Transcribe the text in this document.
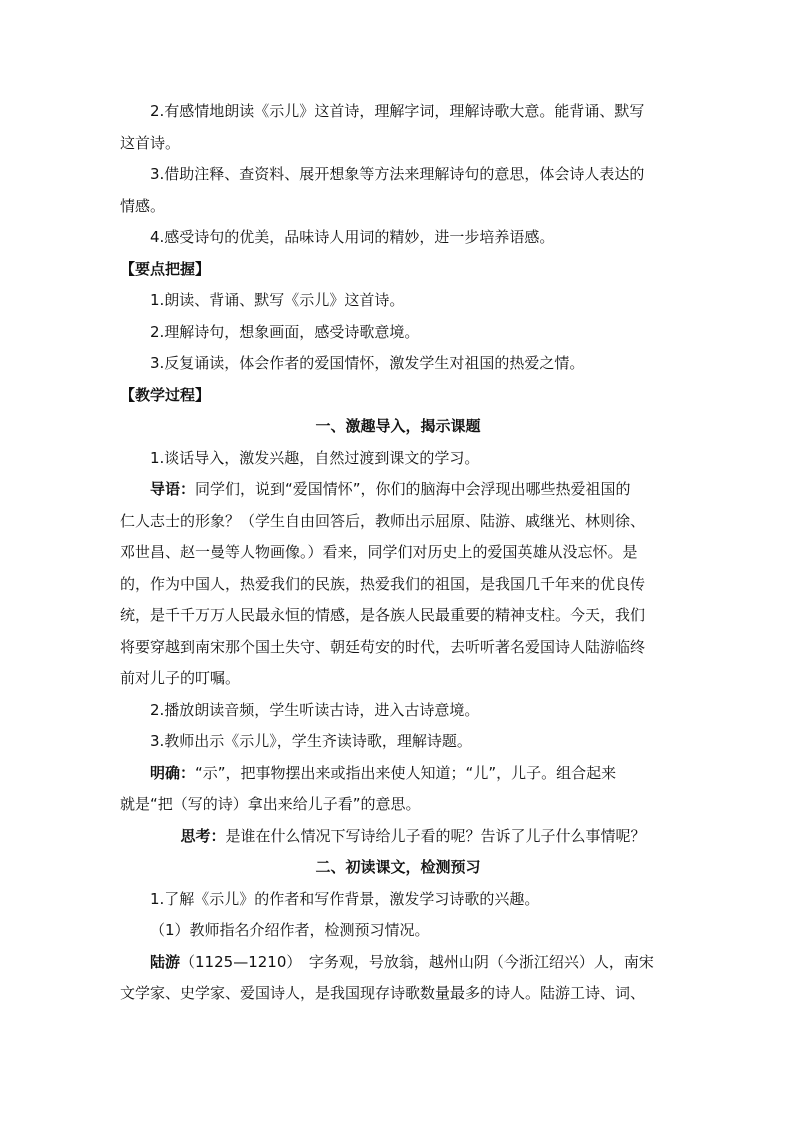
2.有感情地朗读《示儿》这首诗，理解字词，理解诗歌大意。能背诵、默写
这首诗。
3.借助注释、查资料、展开想象等方法来理解诗句的意思，体会诗人表达的
情感。
4.感受诗句的优美，品味诗人用词的精妙，进一步培养语感。
【要点把握】
1.朗读、背诵、默写《示儿》这首诗。
2.理解诗句，想象画面，感受诗歌意境。
3.反复诵读，体会作者的爱国情怀，激发学生对祖国的热爱之情。
【教学过程】
一、激趣导入，揭示课题
1.谈话导入，激发兴趣，自然过渡到课文的学习。
导语：同学们，说到“爱国情怀”，你们的脑海中会浮现出哪些热爱祖国的
仁人志士的形象？（学生自由回答后，教师出示屈原、陆游、戚继光、林则徐、
邓世昌、赵一曼等人物画像。）看来，同学们对历史上的爱国英雄从没忘怀。是
的，作为中国人，热爱我们的民族，热爱我们的祖国，是我国几千年来的优良传
统，是千千万万人民最永恒的情感，是各族人民最重要的精神支柱。今天，我们
将要穿越到南宋那个国土失守、朝廷苟安的时代，去听听著名爱国诗人陆游临终
前对儿子的叮嘱。
2.播放朗读音频，学生听读古诗，进入古诗意境。
3.教师出示《示儿》，学生齐读诗歌，理解诗题。
明确：“示”，把事物摆出来或指出来使人知道；“儿”，儿子。组合起来
就是“把（写的诗）拿出来给儿子看”的意思。
思考：是谁在什么情况下写诗给儿子看的呢？告诉了儿子什么事情呢？
二、初读课文，检测预习
1.了解《示儿》的作者和写作背景，激发学习诗歌的兴趣。
（1）教师指名介绍作者，检测预习情况。
陆游（1125—1210）　字务观，号放翁，越州山阴（今浙江绍兴）人，南宋
文学家、史学家、爱国诗人，是我国现存诗歌数量最多的诗人。陆游工诗、词、
